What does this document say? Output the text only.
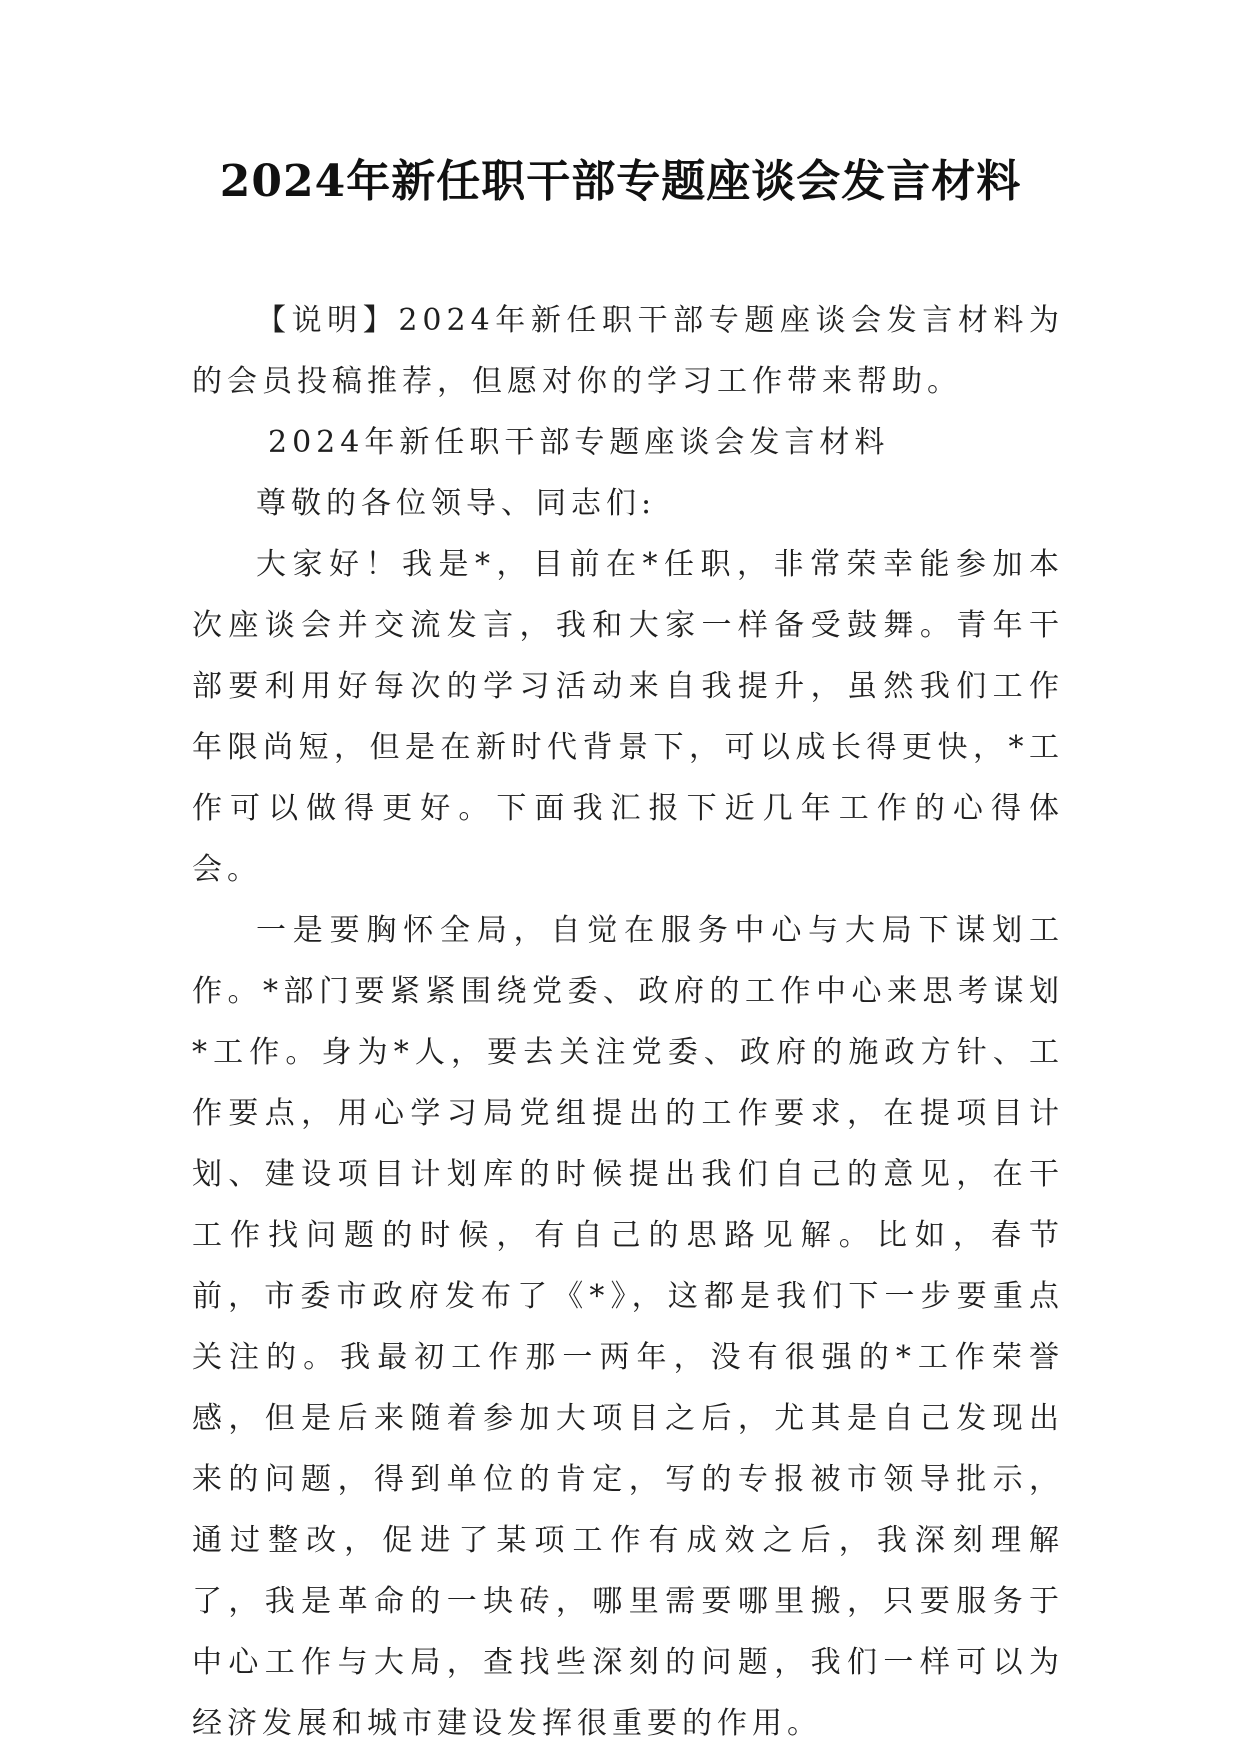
2024年新任职干部专题座谈会发言材料

【说明】2024年新任职干部专题座谈会发言材料为的会员投稿推荐，但愿对你的学习工作带来帮助。

2024年新任职干部专题座谈会发言材料

尊敬的各位领导、同志们:

大家好！我是*，目前在*任职，非常荣幸能参加本次座谈会并交流发言，我和大家一样备受鼓舞。青年干部要利用好每次的学习活动来自我提升，虽然我们工作年限尚短，但是在新时代背景下，可以成长得更快，*工作可以做得更好。下面我汇报下近几年工作的心得体会。

一是要胸怀全局，自觉在服务中心与大局下谋划工作。*部门要紧紧围绕党委、政府的工作中心来思考谋划*工作。身为*人，要去关注党委、政府的施政方针、工作要点，用心学习局党组提出的工作要求，在提项目计划、建设项目计划库的时候提出我们自己的意见，在干工作找问题的时候，有自己的思路见解。比如，春节前，市委市政府发布了《*》，这都是我们下一步要重点关注的。我最初工作那一两年，没有很强的*工作荣誉感，但是后来随着参加大项目之后，尤其是自己发现出来的问题，得到单位的肯定，写的专报被市领导批示，通过整改，促进了某项工作有成效之后，我深刻理解了，我是革命的一块砖，哪里需要哪里搬，只要服务于中心工作与大局，查找些深刻的问题，我们一样可以为经济发展和城市建设发挥很重要的作用。
